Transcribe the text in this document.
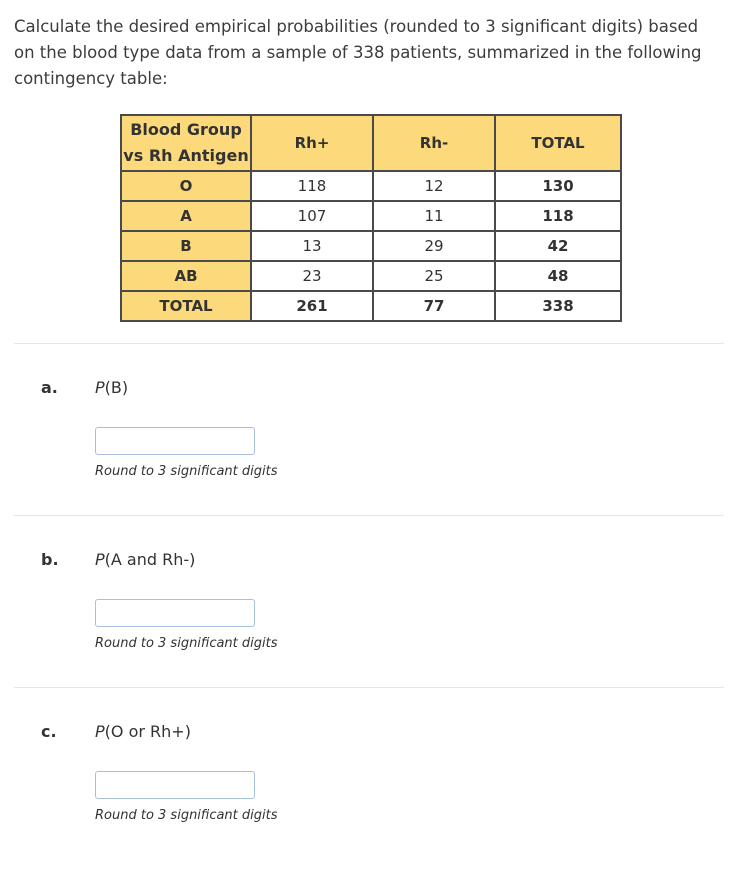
Calculate the desired empirical probabilities (rounded to 3 significant digits) based on the blood type data from a sample of 338 patients, summarized in the following contingency table:

Blood Group
vs Rh Antigen	Rh+	Rh-	TOTAL
O	118	12	130
A	107	11	118
B	13	29	42
AB	23	25	48
TOTAL	261	77	338
a. P(B)
Round to 3 significant digits
b. P(A and Rh-)
Round to 3 significant digits
c. P(O or Rh+)
Round to 3 significant digits
